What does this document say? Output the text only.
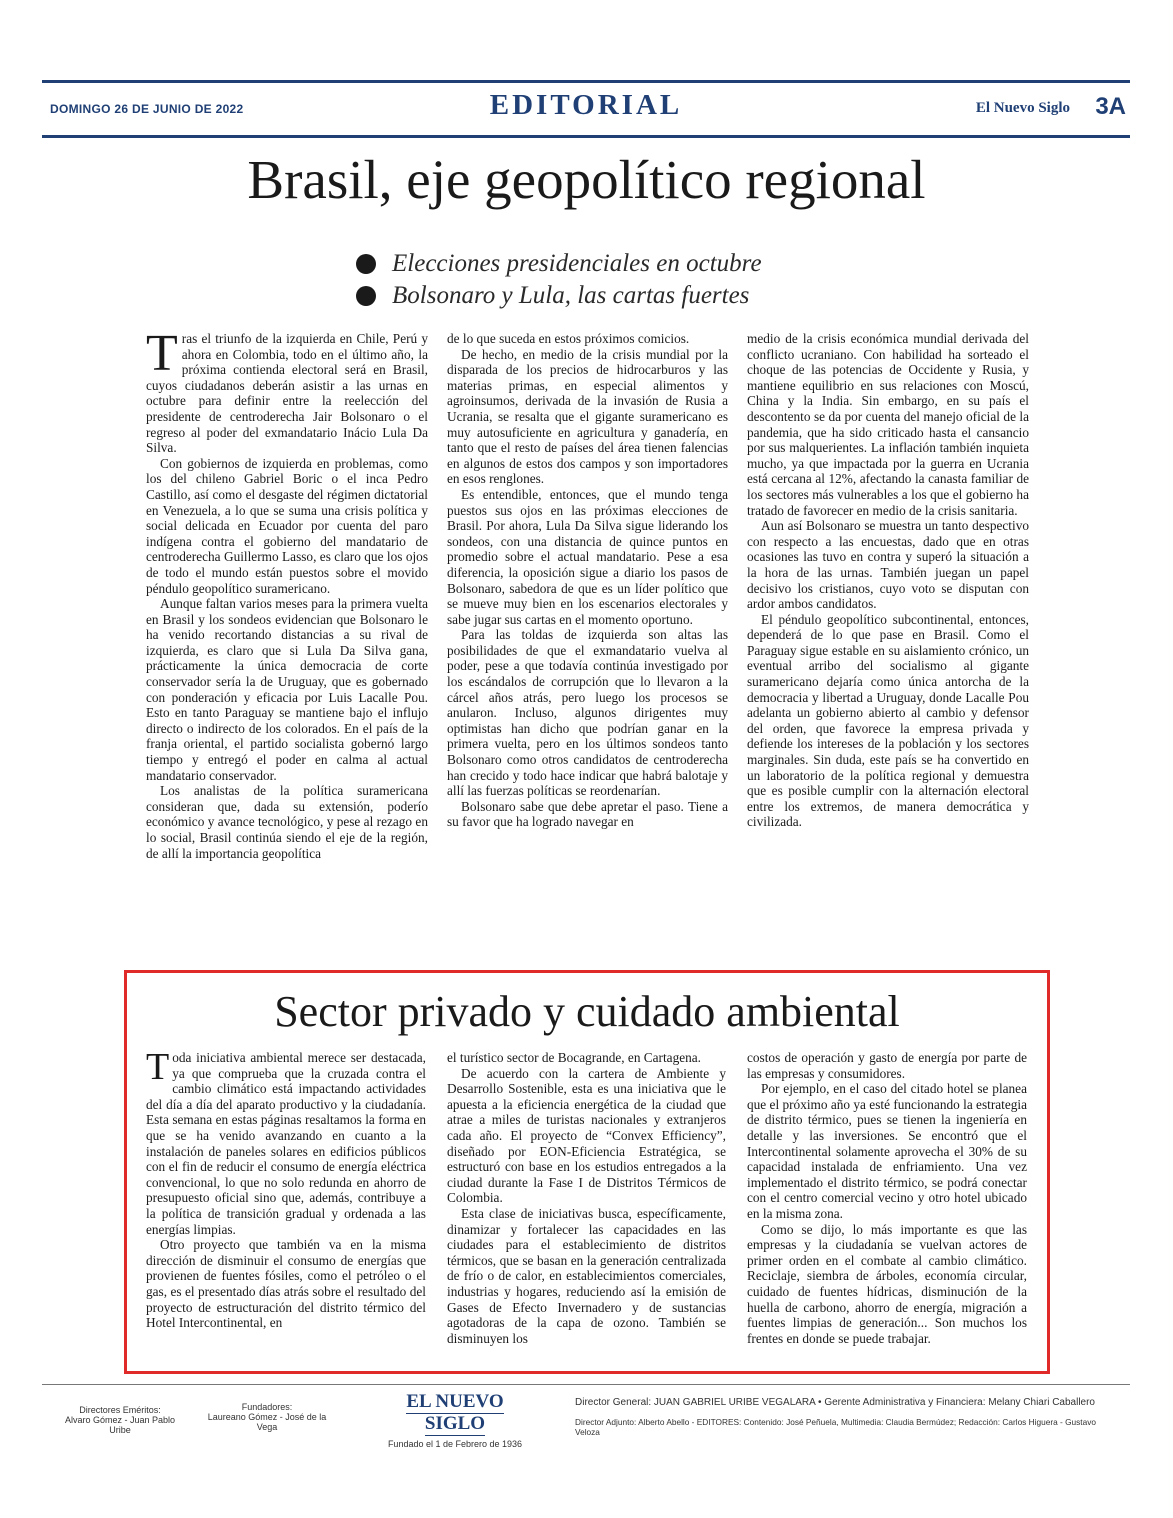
DOMINGO 26 DE JUNIO DE 2022	EDITORIAL	El Nuevo Siglo 3A
Brasil, eje geopolítico regional
Elecciones presidenciales en octubre
Bolsonaro y Lula, las cartas fuertes

Tras el triunfo de la izquierda en Chile, Perú y ahora en Colombia, todo en el último año, la próxima contienda electoral será en Brasil, cuyos ciudadanos deberán asistir a las urnas en octubre para definir entre la reelección del presidente de centroderecha Jair Bolsonaro o el regreso al poder del exmandatario Inácio Lula Da Silva.

Con gobiernos de izquierda en problemas, como los del chileno Gabriel Boric o el inca Pedro Castillo, así como el desgaste del régimen dictatorial en Venezuela, a lo que se suma una crisis política y social delicada en Ecuador por cuenta del paro indígena contra el gobierno del mandatario de centroderecha Guillermo Lasso, es claro que los ojos de todo el mundo están puestos sobre el movido péndulo geopolítico suramericano.

Aunque faltan varios meses para la primera vuelta en Brasil y los sondeos evidencian que Bolsonaro le ha venido recortando distancias a su rival de izquierda, es claro que si Lula Da Silva gana, prácticamente la única democracia de corte conservador sería la de Uruguay, que es gobernado con ponderación y eficacia por Luis Lacalle Pou. Esto en tanto Paraguay se mantiene bajo el influjo directo o indirecto de los colorados. En el país de la franja oriental, el partido socialista gobernó largo tiempo y entregó el poder en calma al actual mandatario conservador.

Los analistas de la política suramericana consideran que, dada su extensión, poderío económico y avance tecnológico, y pese al rezago en lo social, Brasil continúa siendo el eje de la región, de allí la importancia geopolítica

de lo que suceda en estos próximos comicios.

De hecho, en medio de la crisis mundial por la disparada de los precios de hidrocarburos y las materias primas, en especial alimentos y agroinsumos, derivada de la invasión de Rusia a Ucrania, se resalta que el gigante suramericano es muy autosuficiente en agricultura y ganadería, en tanto que el resto de países del área tienen falencias en algunos de estos dos campos y son importadores en esos renglones.

Es entendible, entonces, que el mundo tenga puestos sus ojos en las próximas elecciones de Brasil. Por ahora, Lula Da Silva sigue liderando los sondeos, con una distancia de quince puntos en promedio sobre el actual mandatario. Pese a esa diferencia, la oposición sigue a diario los pasos de Bolsonaro, sabedora de que es un líder político que se mueve muy bien en los escenarios electorales y sabe jugar sus cartas en el momento oportuno.

Para las toldas de izquierda son altas las posibilidades de que el exmandatario vuelva al poder, pese a que todavía continúa investigado por los escándalos de corrupción que lo llevaron a la cárcel años atrás, pero luego los procesos se anularon. Incluso, algunos dirigentes muy optimistas han dicho que podrían ganar en la primera vuelta, pero en los últimos sondeos tanto Bolsonaro como otros candidatos de centroderecha han crecido y todo hace indicar que habrá balotaje y allí las fuerzas políticas se reordenarían.

Bolsonaro sabe que debe apretar el paso. Tiene a su favor que ha logrado navegar en

medio de la crisis económica mundial derivada del conflicto ucraniano. Con habilidad ha sorteado el choque de las potencias de Occidente y Rusia, y mantiene equilibrio en sus relaciones con Moscú, China y la India. Sin embargo, en su país el descontento se da por cuenta del manejo oficial de la pandemia, que ha sido criticado hasta el cansancio por sus malquerientes. La inflación también inquieta mucho, ya que impactada por la guerra en Ucrania está cercana al 12%, afectando la canasta familiar de los sectores más vulnerables a los que el gobierno ha tratado de favorecer en medio de la crisis sanitaria.

Aun así Bolsonaro se muestra un tanto despectivo con respecto a las encuestas, dado que en otras ocasiones las tuvo en contra y superó la situación a la hora de las urnas. También juegan un papel decisivo los cristianos, cuyo voto se disputan con ardor ambos candidatos.

El péndulo geopolítico subcontinental, entonces, dependerá de lo que pase en Brasil. Como el Paraguay sigue estable en su aislamiento crónico, un eventual arribo del socialismo al gigante suramericano dejaría como única antorcha de la democracia y libertad a Uruguay, donde Lacalle Pou adelanta un gobierno abierto al cambio y defensor del orden, que favorece la empresa privada y defiende los intereses de la población y los sectores marginales. Sin duda, este país se ha convertido en un laboratorio de la política regional y demuestra que es posible cumplir con la alternación electoral entre los extremos, de manera democrática y civilizada.

Sector privado y cuidado ambiental

Toda iniciativa ambiental merece ser destacada, ya que comprueba que la cruzada contra el cambio climático está impactando actividades del día a día del aparato productivo y la ciudadanía. Esta semana en estas páginas resaltamos la forma en que se ha venido avanzando en cuanto a la instalación de paneles solares en edificios públicos con el fin de reducir el consumo de energía eléctrica convencional, lo que no solo redunda en ahorro de presupuesto oficial sino que, además, contribuye a la política de transición gradual y ordenada a las energías limpias.

Otro proyecto que también va en la misma dirección de disminuir el consumo de energías que provienen de fuentes fósiles, como el petróleo o el gas, es el presentado días atrás sobre el resultado del proyecto de estructuración del distrito térmico del Hotel Intercontinental, en

el turístico sector de Bocagrande, en Cartagena.

De acuerdo con la cartera de Ambiente y Desarrollo Sostenible, esta es una iniciativa que le apuesta a la eficiencia energética de la ciudad que atrae a miles de turistas nacionales y extranjeros cada año. El proyecto de “Convex Efficiency”, diseñado por EON-Eficiencia Estratégica, se estructuró con base en los estudios entregados a la ciudad durante la Fase I de Distritos Térmicos de Colombia.

Esta clase de iniciativas busca, específicamente, dinamizar y fortalecer las capacidades en las ciudades para el establecimiento de distritos térmicos, que se basan en la generación centralizada de frío o de calor, en establecimientos comerciales, industrias y hogares, reduciendo así la emisión de Gases de Efecto Invernadero y de sustancias agotadoras de la capa de ozono. También se disminuyen los

costos de operación y gasto de energía por parte de las empresas y consumidores.

Por ejemplo, en el caso del citado hotel se planea que el próximo año ya esté funcionando la estrategia de distrito térmico, pues se tienen la ingeniería en detalle y las inversiones. Se encontró que el Intercontinental solamente aprovecha el 30% de su capacidad instalada de enfriamiento. Una vez implementado el distrito térmico, se podrá conectar con el centro comercial vecino y otro hotel ubicado en la misma zona.

Como se dijo, lo más importante es que las empresas y la ciudadanía se vuelvan actores de primer orden en el combate al cambio climático. Reciclaje, siembra de árboles, economía circular, cuidado de fuentes hídricas, disminución de la huella de carbono, ahorro de energía, migración a fuentes limpias de generación... Son muchos los frentes en donde se puede trabajar.

Directores Eméritos:
Alvaro Gómez - Juan Pablo Uribe
Fundadores:
Laureano Gómez - José de la Vega
EL NUEVO SIGLO
Fundado el 1 de Febrero de 1936
Director General: JUAN GABRIEL URIBE VEGALARA • Gerente Administrativa y Financiera: Melany Chiari Caballero
Director Adjunto: Alberto Abello - EDITORES: Contenido: José Peñuela, Multimedia: Claudia Bermúdez; Redacción: Carlos Higuera - Gustavo Veloza
